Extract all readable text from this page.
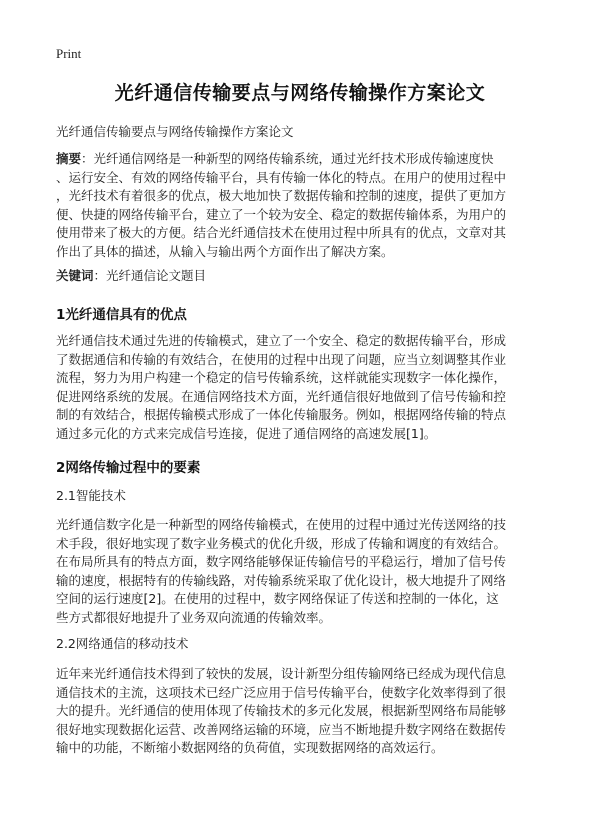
Print
光纤通信传输要点与网络传输操作方案论文
光纤通信传输要点与网络传输操作方案论文
摘要：光纤通信网络是一种新型的网络传输系统，通过光纤技术形成传输速度快
、运行安全、有效的网络传输平台，具有传输一体化的特点。在用户的使用过程中
，光纤技术有着很多的优点，极大地加快了数据传输和控制的速度，提供了更加方
便、快捷的网络传输平台，建立了一个较为安全、稳定的数据传输体系，为用户的
使用带来了极大的方便。结合光纤通信技术在使用过程中所具有的优点，文章对其
作出了具体的描述，从输入与输出两个方面作出了解决方案。
关键词：光纤通信论文题目
1光纤通信具有的优点
光纤通信技术通过先进的传输模式，建立了一个安全、稳定的数据传输平台，形成
了数据通信和传输的有效结合，在使用的过程中出现了问题，应当立刻调整其作业
流程，努力为用户构建一个稳定的信号传输系统，这样就能实现数字一体化操作，
促进网络系统的发展。在通信网络技术方面，光纤通信很好地做到了信号传输和控
制的有效结合，根据传输模式形成了一体化传输服务。例如，根据网络传输的特点
通过多元化的方式来完成信号连接，促进了通信网络的高速发展[1]。
2网络传输过程中的要素
2.1智能技术
光纤通信数字化是一种新型的网络传输模式，在使用的过程中通过光传送网络的技
术手段，很好地实现了数字业务模式的优化升级，形成了传输和调度的有效结合。
在布局所具有的特点方面，数字网络能够保证传输信号的平稳运行，增加了信号传
输的速度，根据特有的传输线路，对传输系统采取了优化设计，极大地提升了网络
空间的运行速度[2]。在使用的过程中，数字网络保证了传送和控制的一体化，这
些方式都很好地提升了业务双向流通的传输效率。
2.2网络通信的移动技术
近年来光纤通信技术得到了较快的发展，设计新型分组传输网络已经成为现代信息
通信技术的主流，这项技术已经广泛应用于信号传输平台，使数字化效率得到了很
大的提升。光纤通信的使用体现了传输技术的多元化发展，根据新型网络布局能够
很好地实现数据化运营、改善网络运输的环境，应当不断地提升数字网络在数据传
输中的功能，不断缩小数据网络的负荷值，实现数据网络的高效运行。
